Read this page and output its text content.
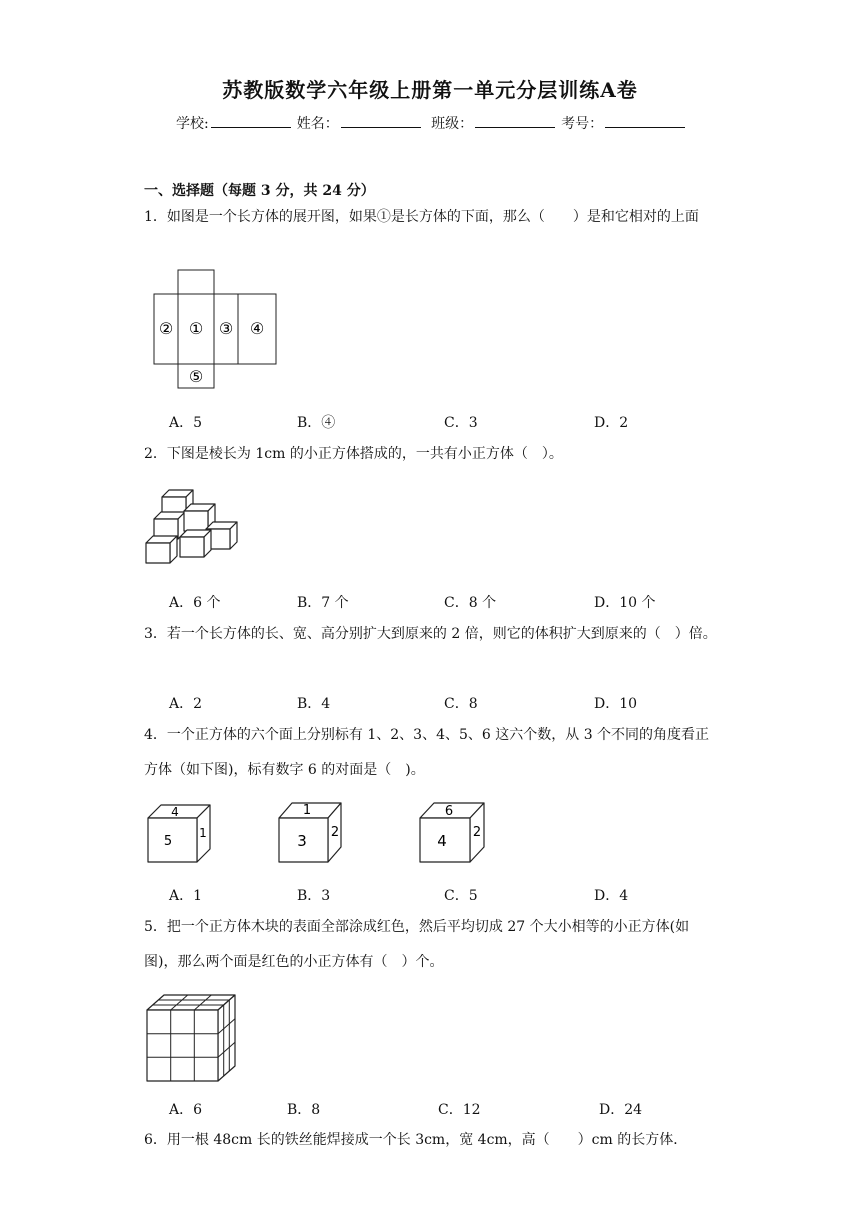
苏教版数学六年级上册第一单元分层训练A卷
学校:	姓名：	班级：	考号：
一、选择题（每题 3 分，共 24 分）
1．如图是一个长方体的展开图，如果①是长方体的下面，那么（　　）是和它相对的上面
② ① ③ ④
⑤
A．5	B．④	C．3	D．2
2．下图是棱长为 1cm 的小正方体搭成的，一共有小正方体（　）。
A．6 个	B．7 个	C．8 个	D．10 个
3．若一个长方体的长、宽、高分别扩大到原来的 2 倍，则它的体积扩大到原来的（　）倍。
A．2	B．4	C．8	D．10
4．一个正方体的六个面上分别标有 1、2、3、4、5、6 这六个数，从 3 个不同的角度看正方体（如下图)，标有数字 6 的对面是（　)。
4
5
1
1
3 2
6
4 2
A．1	B．3	C．5	D．4
5．把一个正方体木块的表面全部涂成红色，然后平均切成 27 个大小相等的小正方体(如图)，那么两个面是红色的小正方体有（　）个。
A．6	B．8	C．12	D．24
6．用一根 48cm 长的铁丝能焊接成一个长 3cm，宽 4cm，高（　　）cm 的长方体．
